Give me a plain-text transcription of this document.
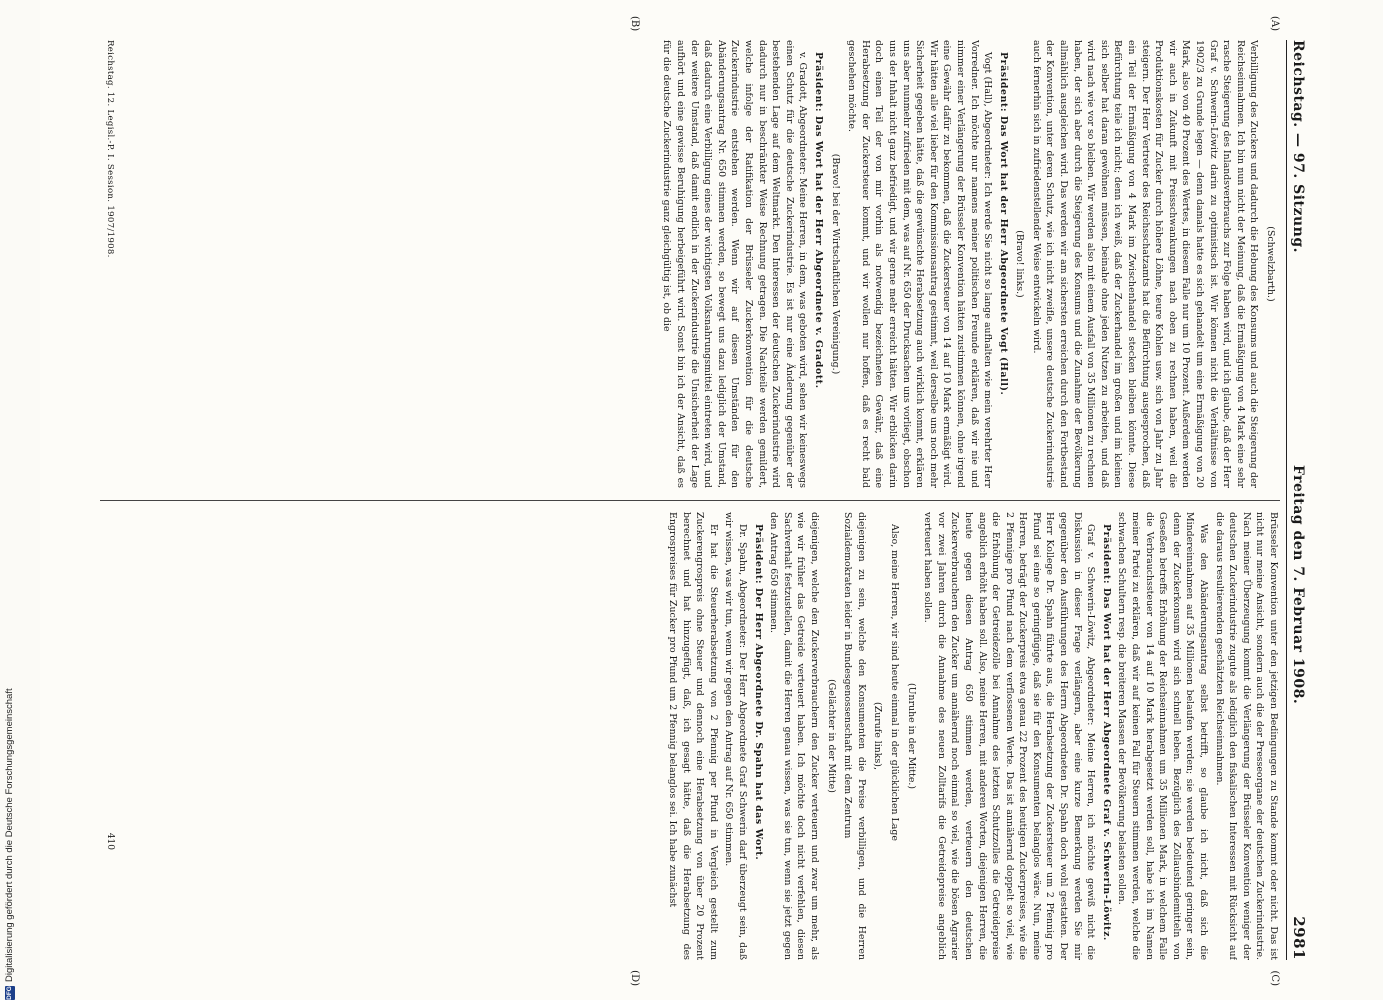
Reichstag. — 97. Sitzung.
Freitag den 7. Februar 1908.
2981
(A)
(B)
(C)
(D)

(Schwelzbarth.)

Verbilligung des Zuckers und dadurch die Hebung des Konsums und auch die Steigerung der Reichseinnahmen. Ich bin nun nicht der Meinung, daß die Ermäßigung von 4 Mark eine sehr rasche Steigerung des Inlandsverbrauchs zur Folge haben wird, und ich glaube, daß der Herr Graf v. Schwerin-Löwitz darin zu optimistisch ist. Wir können nicht die Verhältnisse von 1902/3 zu Grunde legen — denn damals hatte es sich gehandelt um eine Ermäßigung von 20 Mark, also von 40 Prozent des Wertes, in diesem Falle nur um 10 Prozent. Außerdem werden wir auch in Zukunft mit Preisschwankungen nach oben zu rechnen haben, weil die Produktionskosten für Zucker durch höhere Löhne, teure Kohlen usw. sich von Jahr zu Jahr steigern. Der Herr Vertreter des Reichsschatzamts hat die Befürchtung ausgesprochen, daß ein Teil der Ermäßigung von 4 Mark im Zwischenhandel stecken bleiben könnte. Diese Befürchtung teile ich nicht; denn ich weiß, daß der Zuckerhandel im großen und im kleinen sich selber hat daran gewöhnen müssen, beinahe ohne jeden Nutzen zu arbeiten, und daß wird nach wie vor so bleiben. Wir werden also mit einem Ausfall von 35 Millionen zu rechnen haben, der sich aber durch die Steigerung des Konsums und die Zunahme der Bevölkerung allmählich ausgleichen wird. Das werden wir am sichersten erreichen durch den Fortbestand der Konvention, unter deren Schutz, wie ich nicht zweifle, unsere deutsche Zuckerindustrie auch fernerhin sich in zufriedenstellender Weise entwickeln wird.

(Bravo! links.)

Präsident: Das Wort hat der Herr Abgeordnete Vogt (Hall).

Vogt (Hall), Abgeordneter: Ich werde Sie nicht so lange aufhalten wie mein verehrter Herr Vorredner. Ich möchte nur namens meiner politischen Freunde erklären, daß wir nie und nimmer einer Verlängerung der Brüsseler Konvention hätten zustimmen können, ohne irgend eine Gewähr dafür zu bekommen, daß die Zuckersteuer von 14 auf 10 Mark ermäßigt wird. Wir hätten alle viel lieber für den Kommissionsantrag gestimmt, weil derselbe uns noch mehr Sicherheit gegeben hätte, daß die gewünschte Herabsetzung auch wirklich kommt, erklären uns aber nunmehr zufrieden mit dem, was auf Nr. 650 der Drucksachen uns vorliegt, obschon uns der Inhalt nicht ganz befriedigt, und wir gerne mehr erreicht hätten. Wir erblicken darin doch einen Teil der von mir vorhin als notwendig bezeichneten Gewähr, daß eine Herabsetzung der Zuckersteuer kommt, und wir wollen nur hoffen, daß es recht bald geschehen möchte.

(Bravo! bei der Wirtschaftlichen Vereinigung.)

Präsident: Das Wort hat der Herr Abgeordnete v. Gradott.

v. Gradott, Abgeordneter: Meine Herren, in dem, was geboten wird, sehen wir keineswegs einen Schutz für die deutsche Zuckerindustrie. Es ist nur eine Änderung gegenüber der bestehenden Lage auf dem Weltmarkt. Den Interessen der deutschen Zuckerindustrie wird dadurch nur in beschränkter Weise Rechnung getragen. Die Nachteile werden gemildert, welche infolge der Ratifikation der Brüsseler Zuckerkonvention für die deutsche Zuckerindustrie entstehen werden. Wenn wir auf diesen Umständen für den Abänderungsantrag Nr. 650 stimmen werden, so bewegt uns dazu lediglich der Umstand, daß dadurch eine Verbilligung eines der wichtigsten Volksnahrungsmittel eintreten wird, und der weitere Umstand, daß damit endlich in der Zuckerindustrie die Unsicherheit der Lage aufhört und eine gewisse Beruhigung herbeigeführt wird. Sonst bin ich der Ansicht, daß es für die deutsche Zuckerindustrie ganz gleichgültig ist, ob die

Reichstag. 12. Legisl.-P. I. Session. 1907/1908.

Brüsseler Konvention unter den jetzigen Bedingungen zu Stande kommt oder nicht. Das ist nicht nur meine Ansicht, sondern auch die der Presseorgane der deutschen Zuckerindustrie. Nach meiner Überzeugung kommt die Verlängerung der Brüsseler Konvention weniger der deutschen Zuckerindustrie zugute als lediglich den fiskalischen Interessen mit Rücksicht auf die daraus resultierenden geschätzten Reichseinnahmen.

Was den Abänderungsantrag selbst betrifft, so glaube ich nicht, daß sich die Mindereinnahmen auf 35 Millionen belaufen werden; sie werden bedeutend geringer sein, denn der Zuckerkonsum wird sich schnell heben. Bezüglich des Zollausbindemitteln von Geseßen betreffs Erhöhung der Reichseinnahmen um 35 Millionen Mark, in welchem Falle die Verbrauchssteuer von 14 auf 10 Mark herabgesetzt werden soll, habe ich im Namen meiner Partei zu erklären, daß wir auf keinen Fall für Steuern stimmen werden, welche die schwachen Schultern resp. die breiteren Massen der Bevölkerung belasten sollen.

Präsident: Das Wort hat der Herr Abgeordnete Graf v. Schwerin-Löwitz.

Graf v. Schwerin-Löwitz, Abgeordneter: Meine Herren, ich möchte gewiß nicht die Diskussion in dieser Frage verlängern, aber eine kurze Bemerkung werden Sie mir gegenüber den Ausführungen des Herrn Abgeordneten Dr. Spahn doch wohl gestatten. Der Herr Kollege Dr. Spahn führte aus, die Herabsetzung der Zuckersteuer um 2 Pfennig pro Pfund sei eine so geringfügige, daß sie für den Konsumenten belanglos wäre. Nun, meine Herren, beträgt der Zuckerpreis etwa genau 22 Prozent des heutigen Zuckerpreises, wie die 2 Pfennige pro Pfund nach dem verflossenen Werte. Das ist annähernd doppelt so viel, wie die Erhöhung der Getreidezölle bei Annahme des letzten Schutzzolles die Getreidepreise angeblich erhöht haben soll. Also, meine Herren, mit anderen Worten, diejenigen Herren, die heute gegen diesen Antrag 650 stimmen werden, verteuern den deutschen Zuckerverbrauchern den Zucker um annähernd noch einmal so viel, wie die bösen Agrarier vor zwei Jahren durch die Annahme des neuen Zolltarifs die Getreidepreise angeblich verteuert haben sollen.

(Unruhe in der Mitte.)

Also, meine Herren, wir sind heute einmal in der glücklichen Lage

(Zurufe links),

diejenigen zu sein, welche den Konsumenten die Preise verbilligen, und die Herren Sozialdemokraten leider in Bundesgenossenschaft mit dem Zentrum

(Gelächter in der Mitte)

diejenigen, welche den Zuckerverbrauchern den Zucker verteuern und zwar um mehr, als wie wir früher das Getreide verteuert haben. Ich möchte doch nicht verfehlen, diesen Sachverhalt festzustellen, damit die Herren genau wissen, was sie tun, wenn sie jetzt gegen den Antrag 650 stimmen.

Präsident: Der Herr Abgeordnete Dr. Spahn hat das Wort.

Dr. Spahn, Abgeordneter: Der Herr Abgeordnete Graf Schwerin darf überzeugt sein, daß wir wissen, was wir tun, wenn wir gegen den Antrag auf Nr. 650 stimmen.

Er hat die Steuerherabsetzung von 2 Pfennig per Pfund in Vergleich gestellt zum Zuckerengrospreis ohne Steuer und dennoch eine Herabsetzung von über 20 Prozent berechnet und hat hinzugefügt, daß, ich gesagt hätte, daß die Herabsetzung des Engrospreises für Zucker pro Pfund um 2 Pfennig belanglos sei. Ich habe zunächst

410
DFG
Digitalisierung gefördert durch die Deutsche Forschungsgemeinschaft
